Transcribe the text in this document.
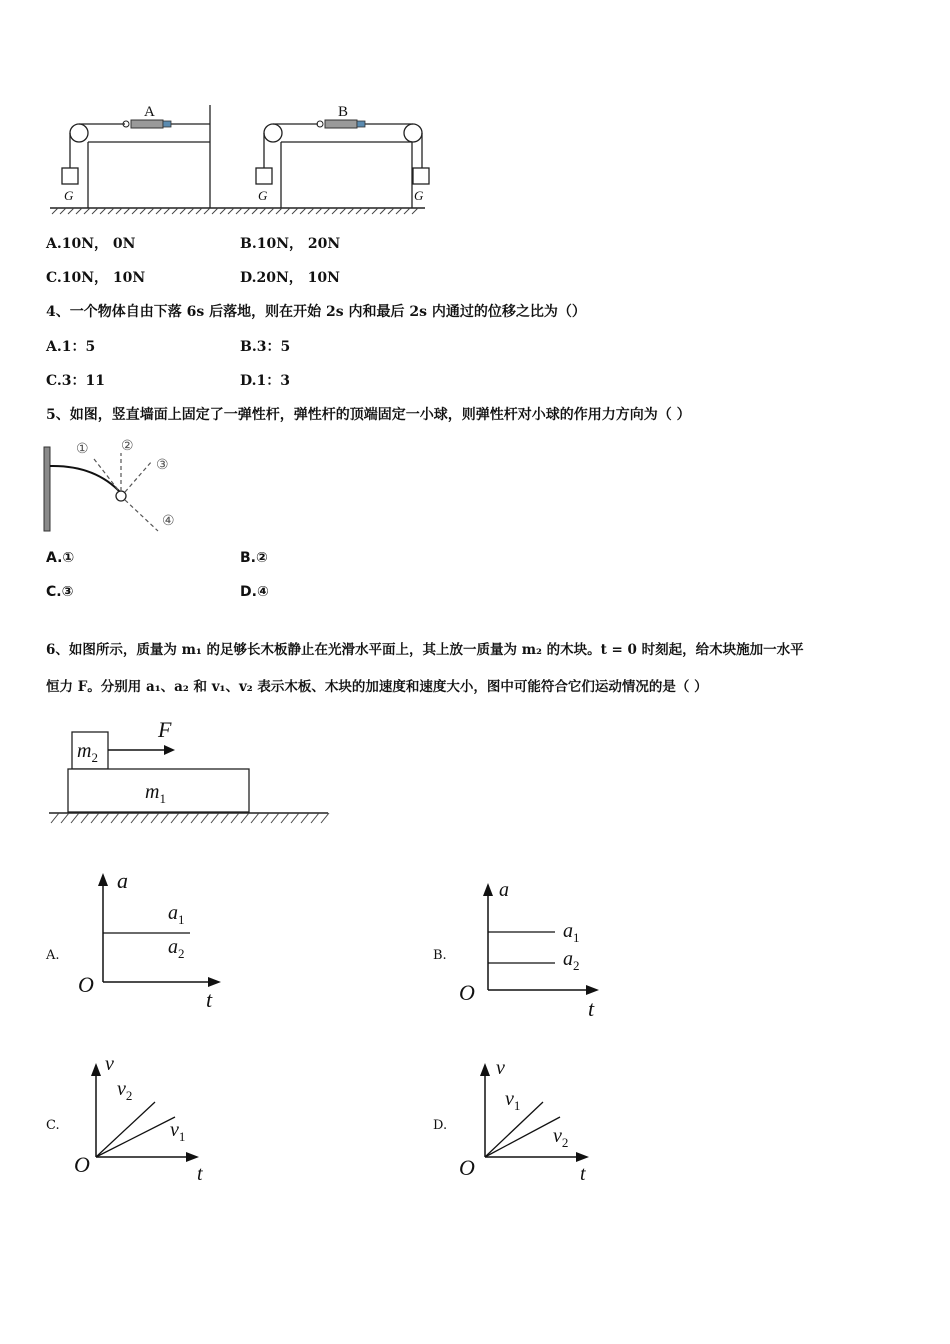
A	B
G	G	G
A.10N， 0N	B.10N， 20N
C.10N， 10N	D.20N， 10N
4、一个物体自由下落 6s 后落地，则在开始 2s 内和最后 2s 内通过的位移之比为（）
A.1：5	B.3：5
C.3：11	D.1：3
5、如图，竖直墙面上固定了一弹性杆，弹性杆的顶端固定一小球，则弹性杆对小球的作用力方向为（ ）
① ②
③
④
A.①	B.②
C.③	D.④
6、如图所示，质量为 m₁ 的足够长木板静止在光滑水平面上，其上放一质量为 m₂ 的木块。t = 0 时刻起，给木块施加一水平
恒力 F。分别用 a₁、a₂ 和 v₁、v₂ 表示木板、木块的加速度和速度大小，图中可能符合它们运动情况的是（ ）
$m_2$
$m_1$
F
A.	B.
C.	D.
a
t
O
$a_1$
$a_2$
a
t
O
$a_1$
$a_2$
v
t
O
$v_2$
$v_1$
v
t
O
$v_1$
$v_2$
